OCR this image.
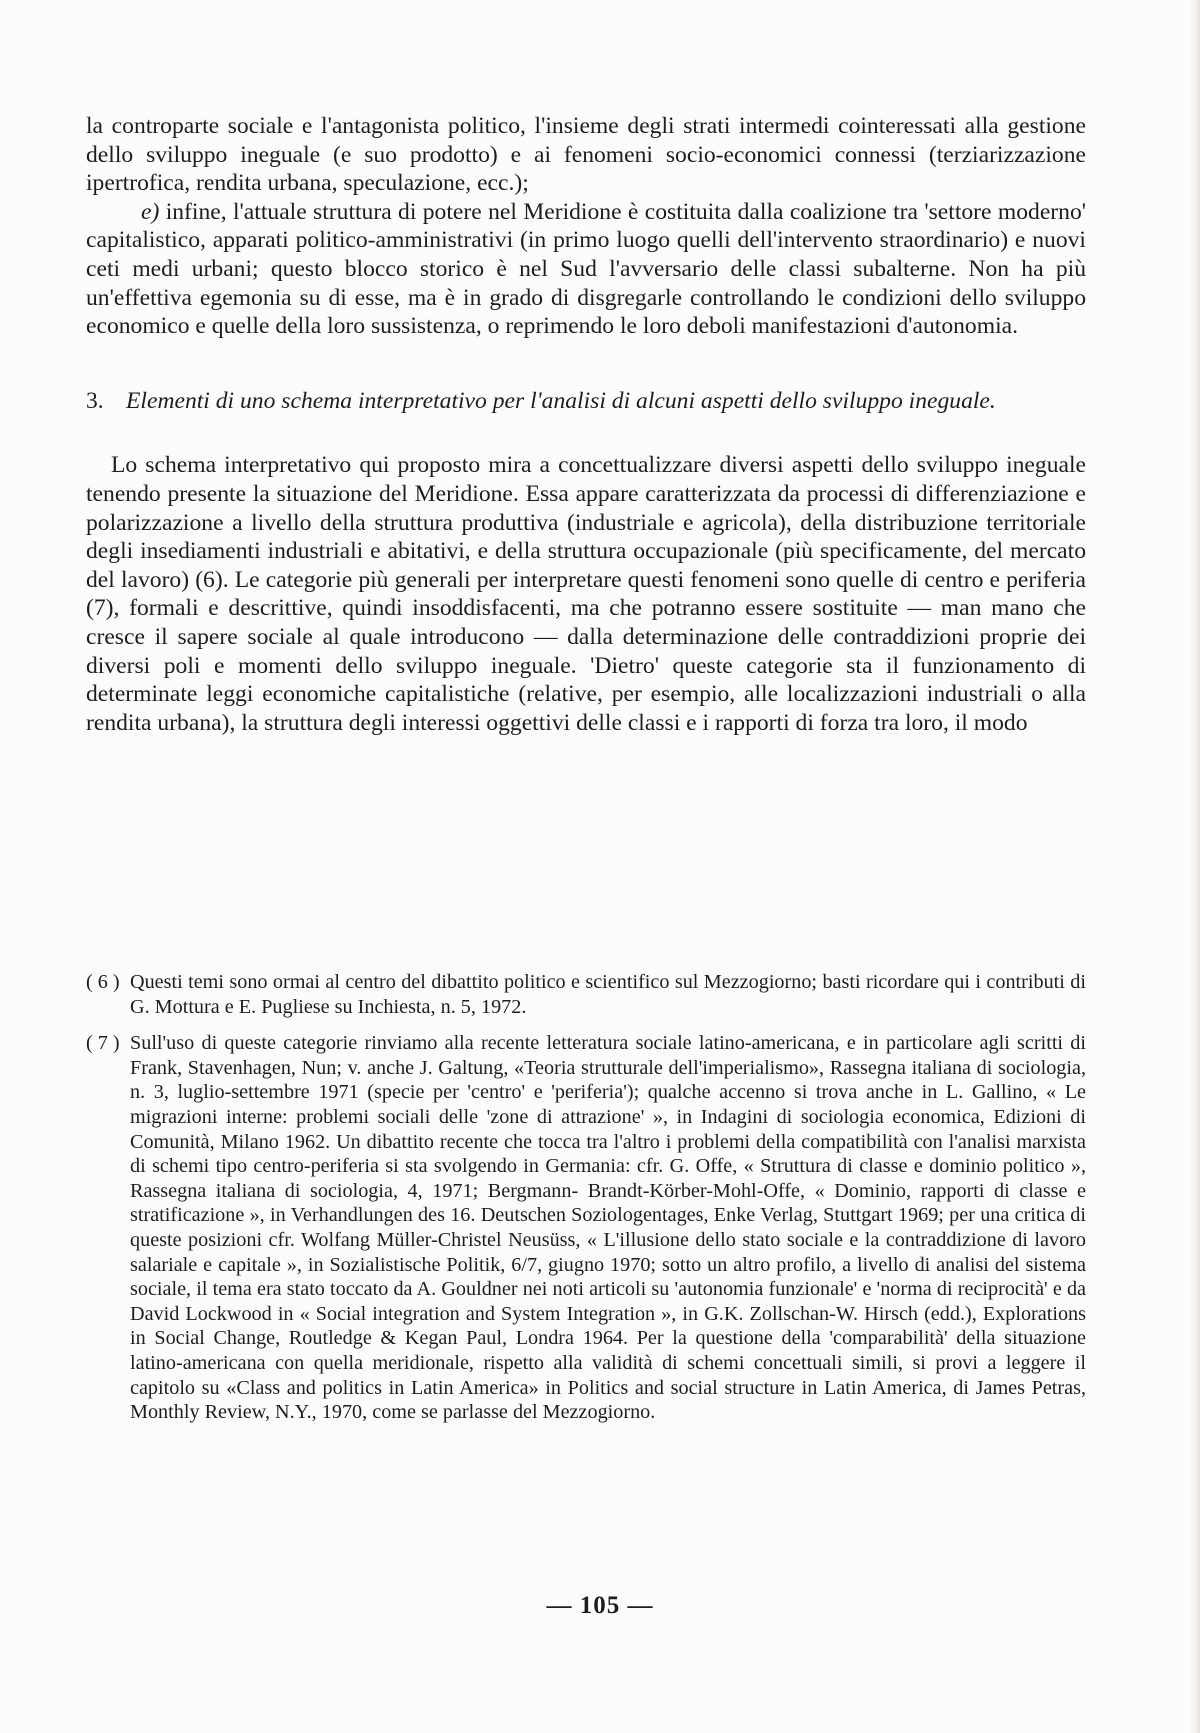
la controparte sociale e l'antagonista politico, l'insieme degli strati intermedi cointeressati alla gestione dello sviluppo ineguale (e suo prodotto) e ai fenomeni socio-economici connessi (terziarizzazione ipertrofica, rendita urbana, speculazione, ecc.);

e) infine, l'attuale struttura di potere nel Meridione è costituita dalla coalizione tra 'settore moderno' capitalistico, apparati politico-amministrativi (in primo luogo quelli dell'intervento straordinario) e nuovi ceti medi urbani; questo blocco storico è nel Sud l'avversario delle classi subalterne. Non ha più un'effettiva egemonia su di esse, ma è in grado di disgregarle controllando le condizioni dello sviluppo economico e quelle della loro sussistenza, o reprimendo le loro deboli manifestazioni d'autonomia.

3. Elementi di uno schema interpretativo per l'analisi di alcuni aspetti dello sviluppo ineguale.

Lo schema interpretativo qui proposto mira a concettualizzare diversi aspetti dello sviluppo ineguale tenendo presente la situazione del Meridione. Essa appare caratterizzata da processi di differenziazione e polarizzazione a livello della struttura produttiva (industriale e agricola), della distribuzione territoriale degli insediamenti industriali e abitativi, e della struttura occupazionale (più specificamente, del mercato del lavoro) (6). Le categorie più generali per interpretare questi fenomeni sono quelle di centro e periferia (7), formali e descrittive, quindi insoddisfacenti, ma che potranno essere sostituite — man mano che cresce il sapere sociale al quale introducono — dalla determinazione delle contraddizioni proprie dei diversi poli e momenti dello sviluppo ineguale. 'Dietro' queste categorie sta il funzionamento di determinate leggi economiche capitalistiche (relative, per esempio, alle localizzazioni industriali o alla rendita urbana), la struttura degli interessi oggettivi delle classi e i rapporti di forza tra loro, il modo

( 6 ) Questi temi sono ormai al centro del dibattito politico e scientifico sul Mezzogiorno; basti ricordare qui i contributi di G. Mottura e E. Pugliese su Inchiesta, n. 5, 1972.
( 7 ) Sull'uso di queste categorie rinviamo alla recente letteratura sociale latino-americana, e in particolare agli scritti di Frank, Stavenhagen, Nun; v. anche J. Galtung, «Teoria strutturale dell'imperialismo», Rassegna italiana di sociologia, n. 3, luglio-settembre 1971 (specie per 'centro' e 'periferia'); qualche accenno si trova anche in L. Gallino, « Le migrazioni interne: problemi sociali delle 'zone di attrazione' », in Indagini di sociologia economica, Edizioni di Comunità, Milano 1962. Un dibattito recente che tocca tra l'altro i problemi della compatibilità con l'analisi marxista di schemi tipo centro-periferia si sta svolgendo in Germania: cfr. G. Offe, « Struttura di classe e dominio politico », Rassegna italiana di sociologia, 4, 1971; Bergmann- Brandt-Körber-Mohl-Offe, « Dominio, rapporti di classe e stratificazione », in Verhandlungen des 16. Deutschen Soziologentages, Enke Verlag, Stuttgart 1969; per una critica di queste posizioni cfr. Wolfang Müller-Christel Neusüss, « L'illusione dello stato sociale e la contraddizione di lavoro salariale e capitale », in Sozialistische Politik, 6/7, giugno 1970; sotto un altro profilo, a livello di analisi del sistema sociale, il tema era stato toccato da A. Gouldner nei noti articoli su 'autonomia funzionale' e 'norma di reciprocità' e da David Lockwood in « Social integration and System Integration », in G.K. Zollschan-W. Hirsch (edd.), Explorations in Social Change, Routledge & Kegan Paul, Londra 1964. Per la questione della 'comparabilità' della situazione latino-americana con quella meridionale, rispetto alla validità di schemi concettuali simili, si provi a leggere il capitolo su «Class and politics in Latin America» in Politics and social structure in Latin America, di James Petras, Monthly Review, N.Y., 1970, come se parlasse del Mezzogiorno.
— 105 —
